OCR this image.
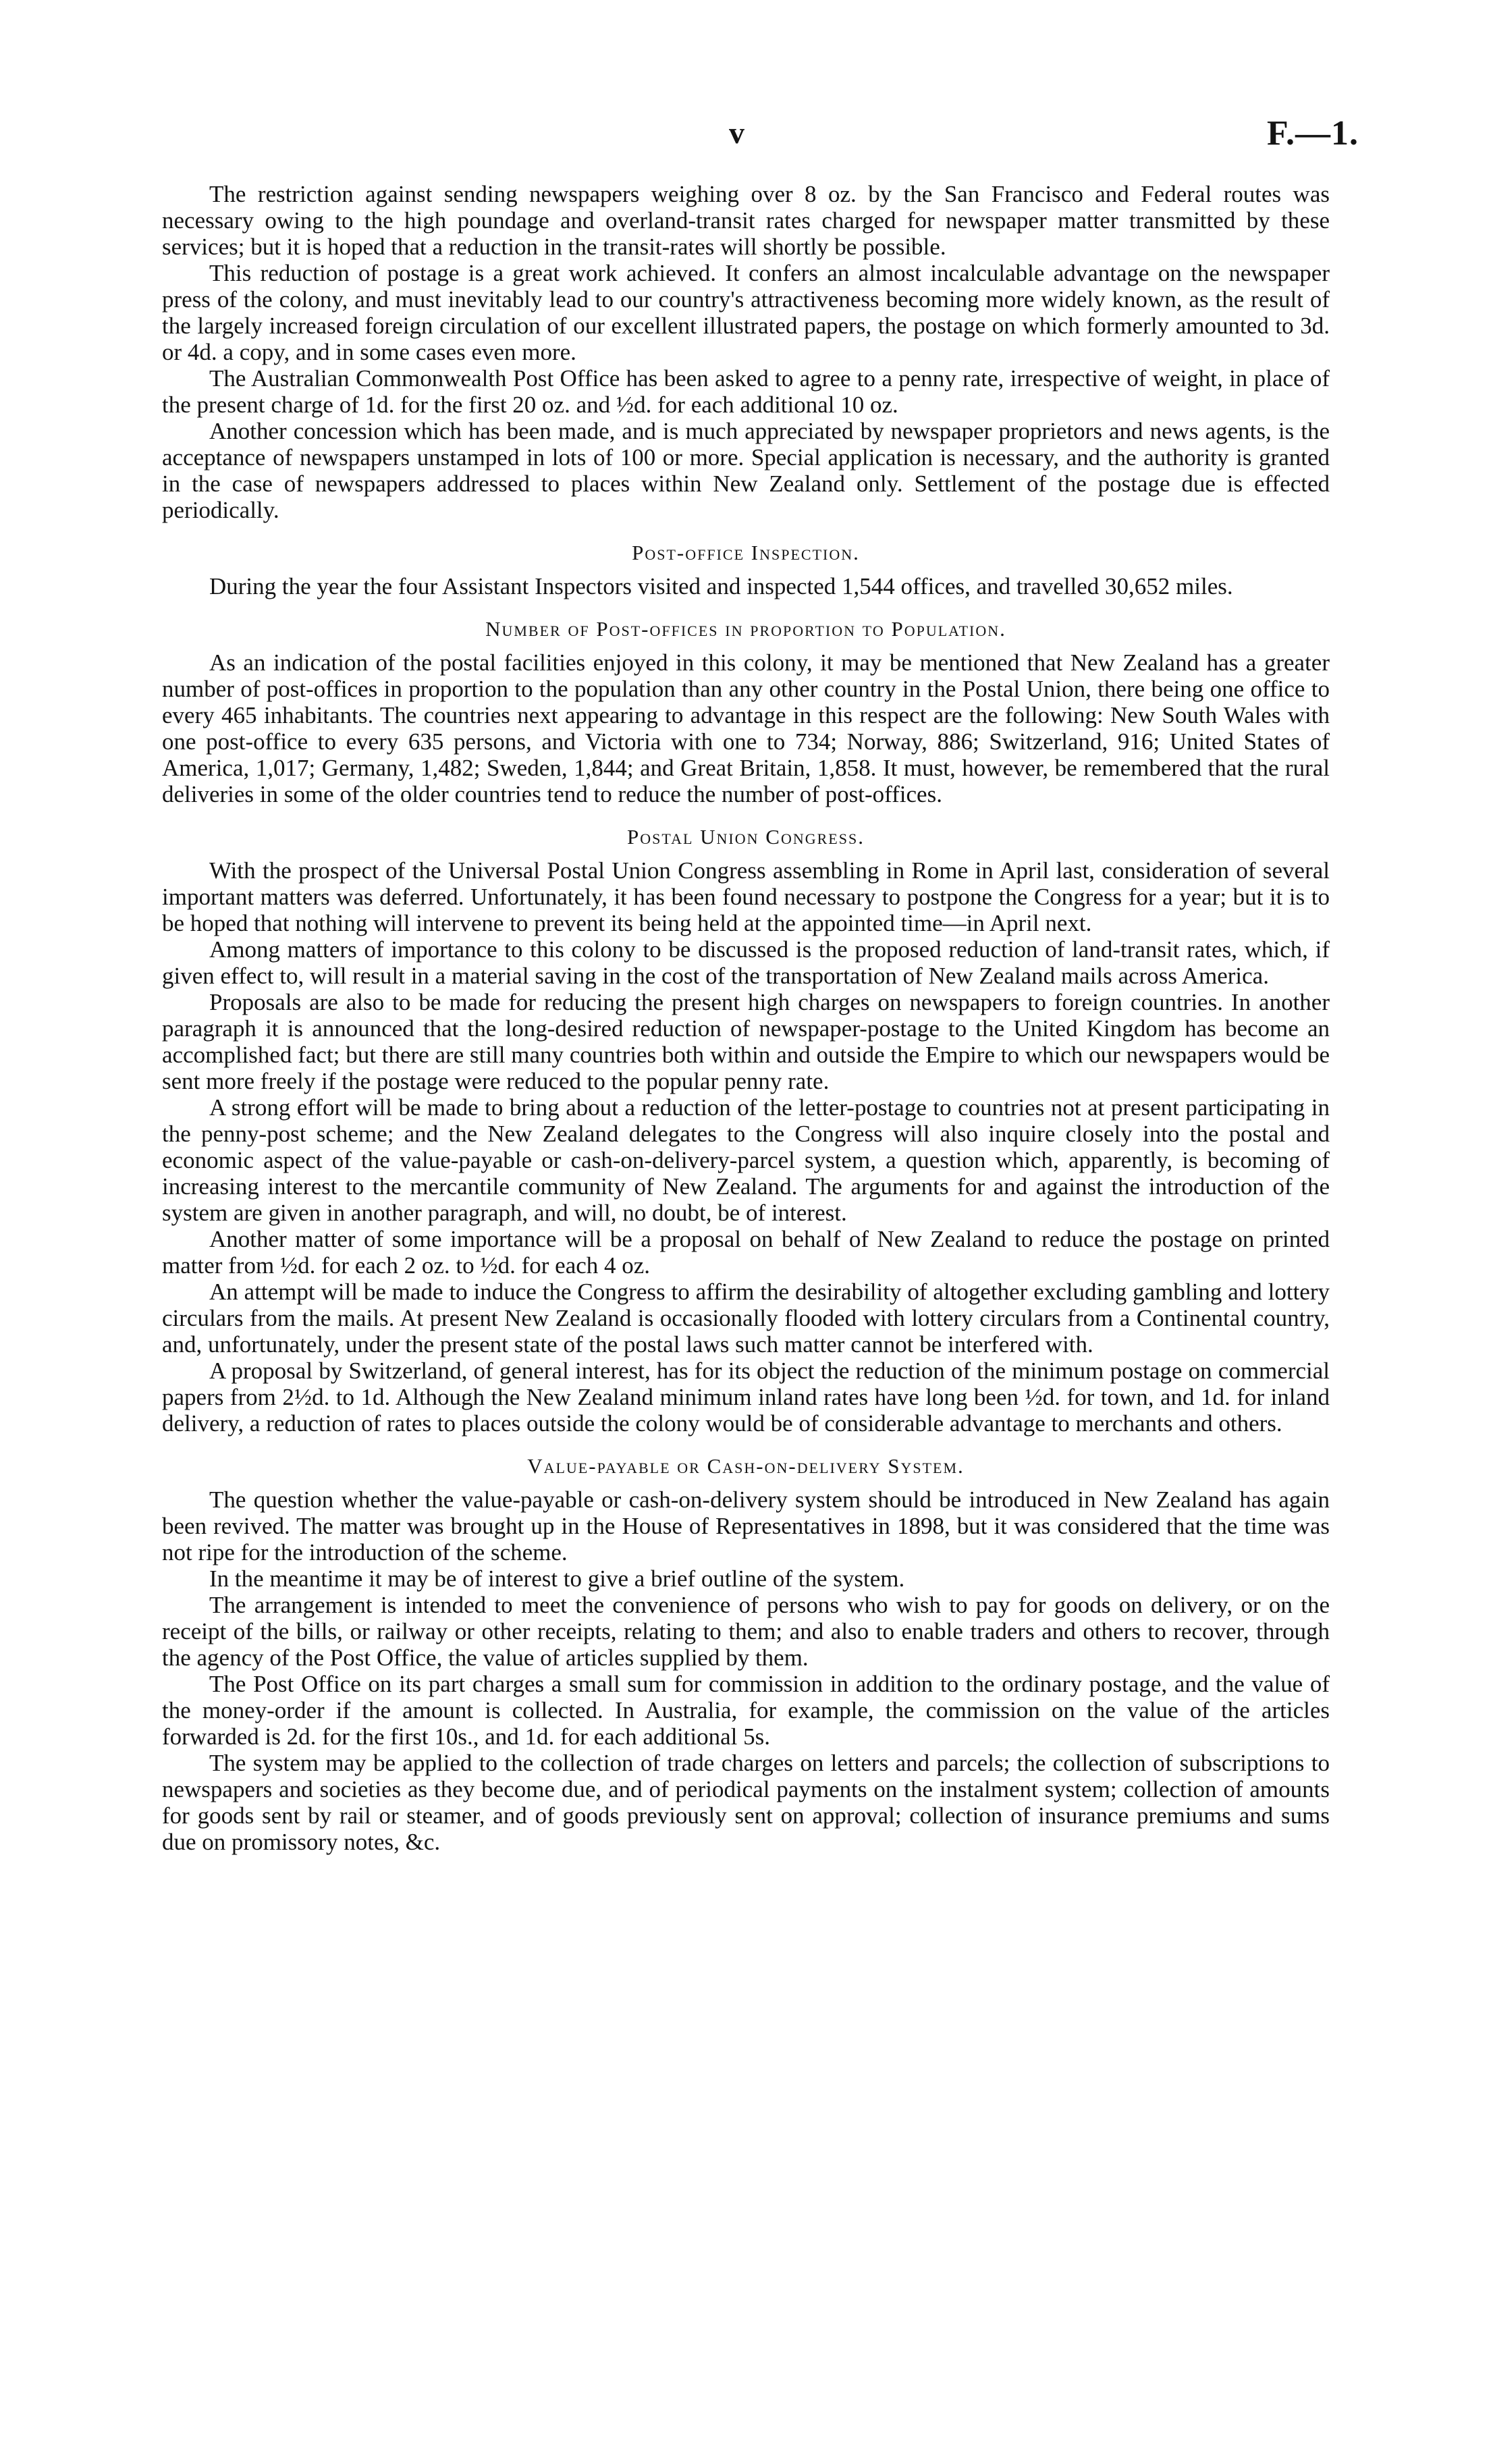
v	F.—1.

The restriction against sending newspapers weighing over 8 oz. by the San Francisco and Federal routes was necessary owing to the high poundage and overland-transit rates charged for newspaper matter transmitted by these services; but it is hoped that a reduction in the transit-rates will shortly be possible.

This reduction of postage is a great work achieved. It confers an almost incalculable advantage on the newspaper press of the colony, and must inevitably lead to our country's attractiveness becoming more widely known, as the result of the largely increased foreign circulation of our excellent illustrated papers, the postage on which formerly amounted to 3d. or 4d. a copy, and in some cases even more.

The Australian Commonwealth Post Office has been asked to agree to a penny rate, irrespective of weight, in place of the present charge of 1d. for the first 20 oz. and ½d. for each additional 10 oz.

Another concession which has been made, and is much appreciated by newspaper proprietors and news agents, is the acceptance of newspapers unstamped in lots of 100 or more. Special application is necessary, and the authority is granted in the case of newspapers addressed to places within New Zealand only. Settlement of the postage due is effected periodically.

Post-office Inspection.

During the year the four Assistant Inspectors visited and inspected 1,544 offices, and travelled 30,652 miles.

Number of Post-offices in proportion to Population.

As an indication of the postal facilities enjoyed in this colony, it may be mentioned that New Zealand has a greater number of post-offices in proportion to the population than any other country in the Postal Union, there being one office to every 465 inhabitants. The countries next appearing to advantage in this respect are the following: New South Wales with one post-office to every 635 persons, and Victoria with one to 734; Norway, 886; Switzerland, 916; United States of America, 1,017; Germany, 1,482; Sweden, 1,844; and Great Britain, 1,858. It must, however, be remembered that the rural deliveries in some of the older countries tend to reduce the number of post-offices.

Postal Union Congress.

With the prospect of the Universal Postal Union Congress assembling in Rome in April last, consideration of several important matters was deferred. Unfortunately, it has been found necessary to postpone the Congress for a year; but it is to be hoped that nothing will intervene to prevent its being held at the appointed time—in April next.

Among matters of importance to this colony to be discussed is the proposed reduction of land-transit rates, which, if given effect to, will result in a material saving in the cost of the transportation of New Zealand mails across America.

Proposals are also to be made for reducing the present high charges on newspapers to foreign countries. In another paragraph it is announced that the long-desired reduction of newspaper-postage to the United Kingdom has become an accomplished fact; but there are still many countries both within and outside the Empire to which our newspapers would be sent more freely if the postage were reduced to the popular penny rate.

A strong effort will be made to bring about a reduction of the letter-postage to countries not at present participating in the penny-post scheme; and the New Zealand delegates to the Congress will also inquire closely into the postal and economic aspect of the value-payable or cash-on-delivery-parcel system, a question which, apparently, is becoming of increasing interest to the mercantile community of New Zealand. The arguments for and against the introduction of the system are given in another paragraph, and will, no doubt, be of interest.

Another matter of some importance will be a proposal on behalf of New Zealand to reduce the postage on printed matter from ½d. for each 2 oz. to ½d. for each 4 oz.

An attempt will be made to induce the Congress to affirm the desirability of altogether excluding gambling and lottery circulars from the mails. At present New Zealand is occasionally flooded with lottery circulars from a Continental country, and, unfortunately, under the present state of the postal laws such matter cannot be interfered with.

A proposal by Switzerland, of general interest, has for its object the reduction of the minimum postage on commercial papers from 2½d. to 1d. Although the New Zealand minimum inland rates have long been ½d. for town, and 1d. for inland delivery, a reduction of rates to places outside the colony would be of considerable advantage to merchants and others.

Value-payable or Cash-on-delivery System.

The question whether the value-payable or cash-on-delivery system should be introduced in New Zealand has again been revived. The matter was brought up in the House of Representatives in 1898, but it was considered that the time was not ripe for the introduction of the scheme.

In the meantime it may be of interest to give a brief outline of the system.

The arrangement is intended to meet the convenience of persons who wish to pay for goods on delivery, or on the receipt of the bills, or railway or other receipts, relating to them; and also to enable traders and others to recover, through the agency of the Post Office, the value of articles supplied by them.

The Post Office on its part charges a small sum for commission in addition to the ordinary postage, and the value of the money-order if the amount is collected. In Australia, for example, the commission on the value of the articles forwarded is 2d. for the first 10s., and 1d. for each additional 5s.

The system may be applied to the collection of trade charges on letters and parcels; the collection of subscriptions to newspapers and societies as they become due, and of periodical payments on the instalment system; collection of amounts for goods sent by rail or steamer, and of goods previously sent on approval; collection of insurance premiums and sums due on promissory notes, &c.
